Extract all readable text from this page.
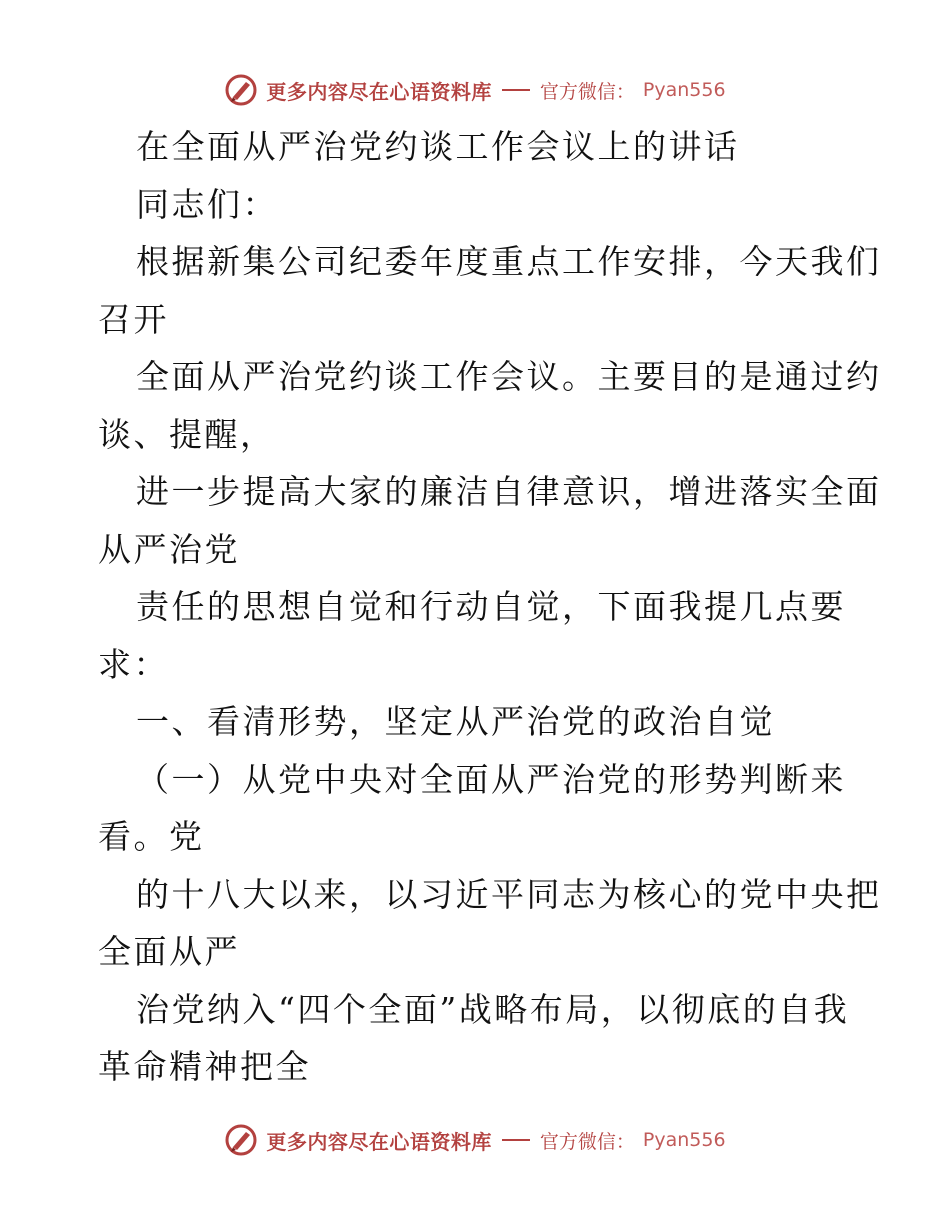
更多内容尽在心语资料库	官方微信： Pyan556
在全面从严治党约谈工作会议上的讲话
同志们：
根据新集公司纪委年度重点工作安排，今天我们
召开
全面从严治党约谈工作会议。主要目的是通过约
谈、提醒，
进一步提高大家的廉洁自律意识，增进落实全面
从严治党
责任的思想自觉和行动自觉，下面我提几点要
求：
一、看清形势，坚定从严治党的政治自觉
（一）从党中央对全面从严治党的形势判断来
看。党
的十八大以来，以习近平同志为核心的党中央把
全面从严
治党纳入“四个全面”战略布局，以彻底的自我
革命精神把全
更多内容尽在心语资料库	官方微信： Pyan556
